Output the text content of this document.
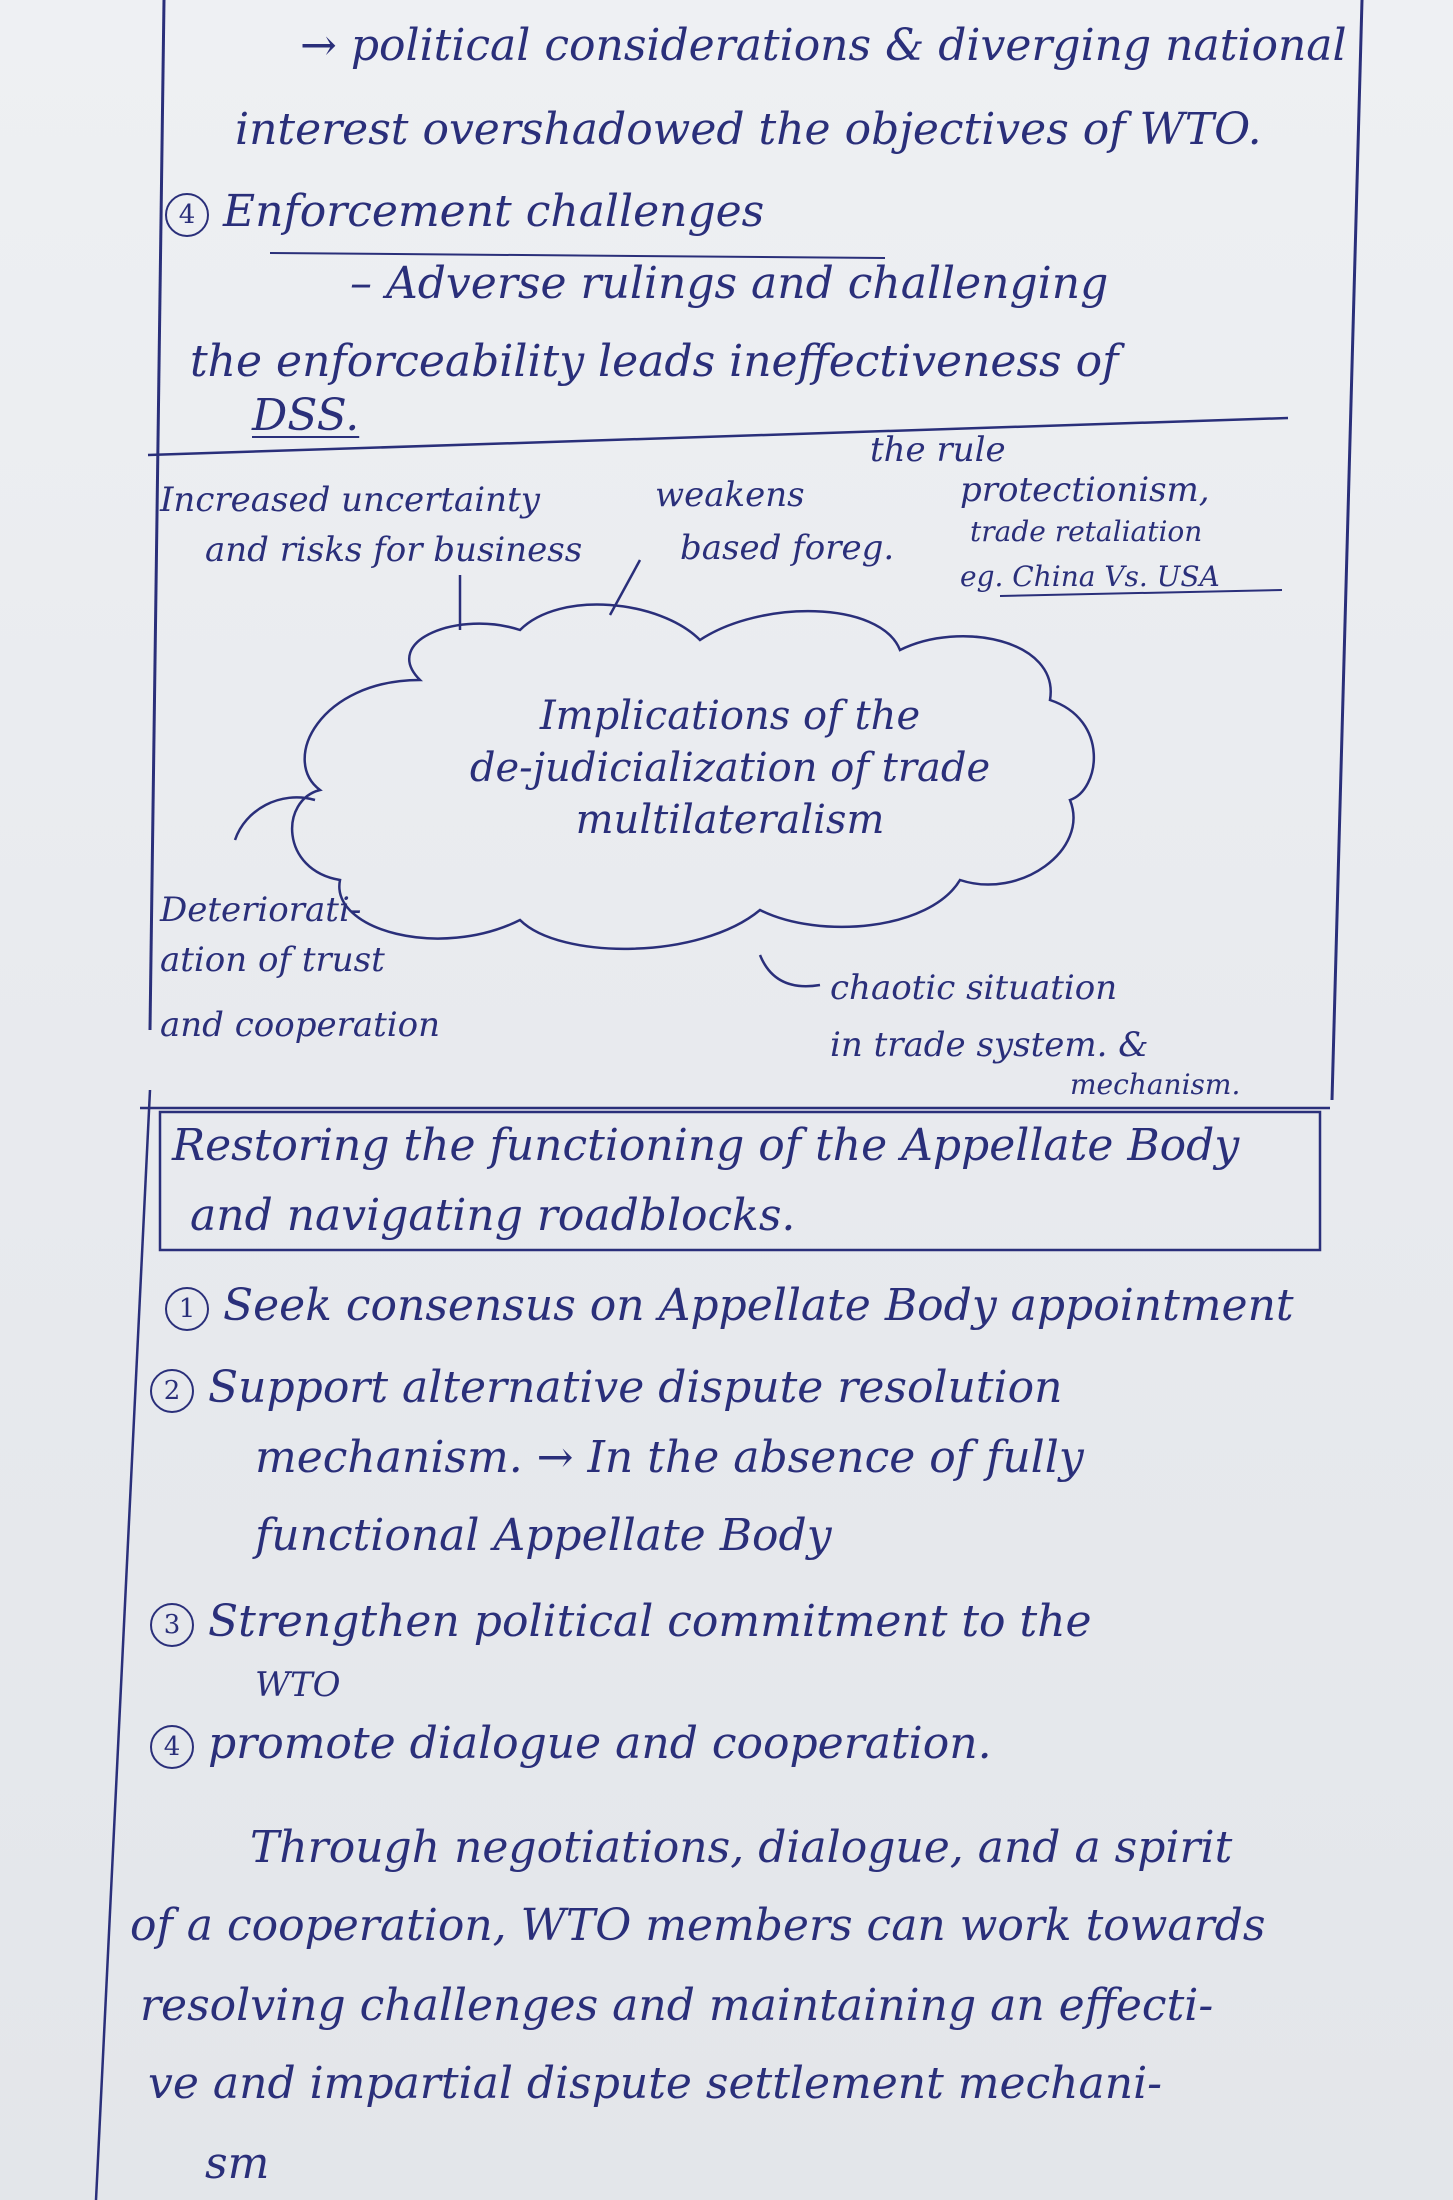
→ political considerations & diverging national
interest overshadowed the objectives of WTO.
4 Enforcement challenges
– Adverse rulings and challenging
the enforceability leads ineffectiveness of
DSS.
Increased uncertainty
and risks for business
the rule
weakens
based foreg.
protectionism,
trade retaliation
eg. China Vs. USA
Implications of the
de-judicialization of trade
multilateralism
Deteriorati-
ation of trust
and cooperation
chaotic situation
in trade system. &
mechanism.
Restoring the functioning of the Appellate Body
and navigating roadblocks.
1 Seek consensus on Appellate Body appointment
2 Support alternative dispute resolution
mechanism. → In the absence of fully
functional Appellate Body
3 Strengthen political commitment to the
WTO
4 promote dialogue and cooperation.
Through negotiations, dialogue, and a spirit
of a cooperation, WTO members can work towards
resolving challenges and maintaining an effecti-
ve and impartial dispute settlement mechani-
sm
